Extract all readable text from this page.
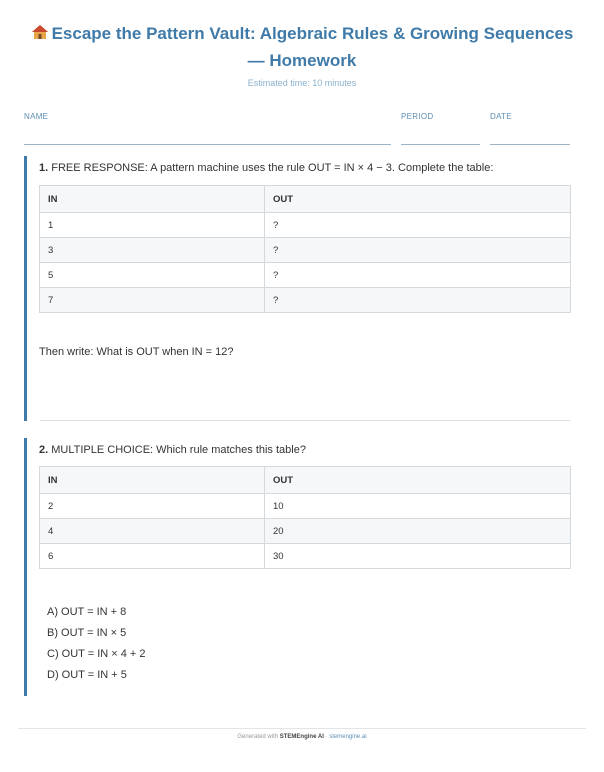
Escape the Pattern Vault: Algebraic Rules & Growing Sequences — Homework
Estimated time: 10 minutes
NAME	PERIOD	DATE
1. FREE RESPONSE: A pattern machine uses the rule OUT = IN × 4 − 3. Complete the table:
IN	OUT
1	?
3	?
5	?
7	?
Then write: What is OUT when IN = 12?
2. MULTIPLE CHOICE: Which rule matches this table?
IN	OUT
2	10
4	20
6	30
A) OUT = IN + 8
B) OUT = IN × 5
C) OUT = IN × 4 + 2
D) OUT = IN + 5
Generated with STEMEngine AI · stemengine.ai
